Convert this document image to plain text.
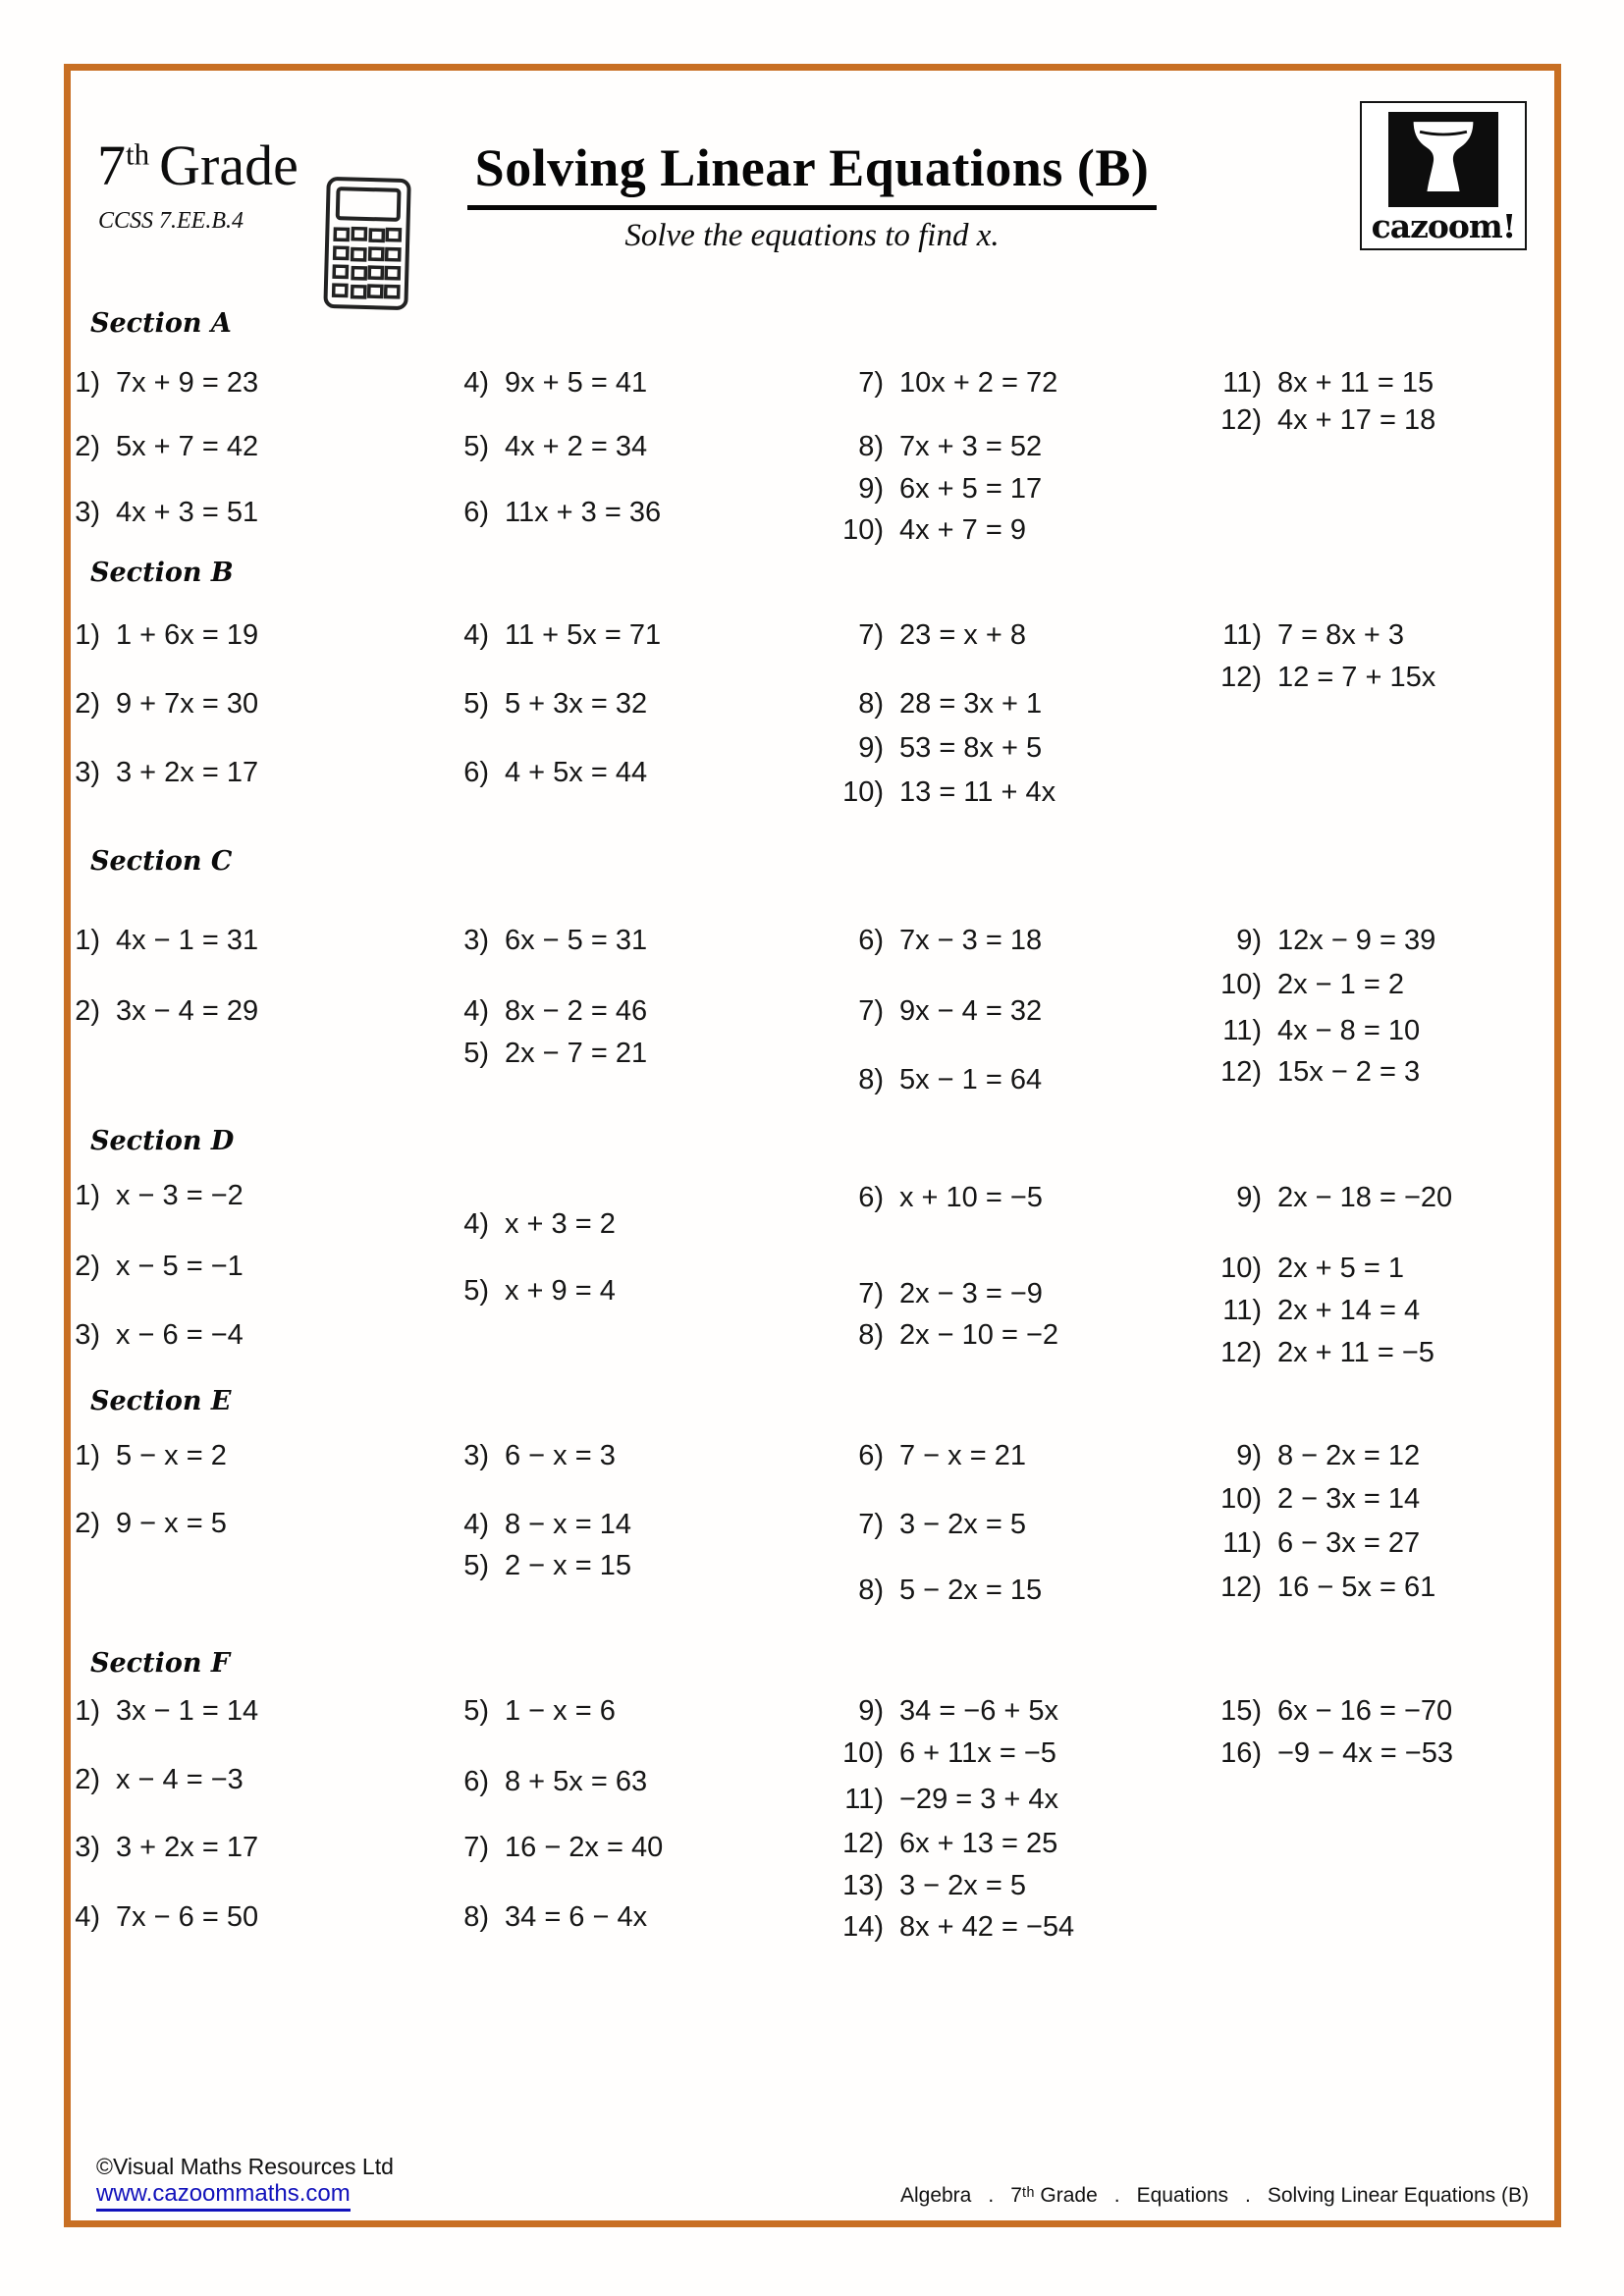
7th Grade
CCSS 7.EE.B.4
Solving Linear Equations (B)
Solve the equations to find x.	cazoom!
Section A
1) 7x + 9 = 23
2) 5x + 7 = 42
3) 4x + 3 = 51
4) 9x + 5 = 41
5) 4x + 2 = 34
6) 11x + 3 = 36
7) 10x + 2 = 72
8) 7x + 3 = 52
9) 6x + 5 = 17
10) 4x + 7 = 9
11) 8x + 11 = 15
12) 4x + 17 = 18
Section B
1) 1 + 6x = 19
2) 9 + 7x = 30
3) 3 + 2x = 17
4) 11 + 5x = 71
5) 5 + 3x = 32
6) 4 + 5x = 44
7) 23 = x + 8
8) 28 = 3x + 1
9) 53 = 8x + 5
10) 13 = 11 + 4x
11) 7 = 8x + 3
12) 12 = 7 + 15x
Section C
1) 4x − 1 = 31
2) 3x − 4 = 29
3) 6x − 5 = 31
4) 8x − 2 = 46
5) 2x − 7 = 21
6) 7x − 3 = 18
7) 9x − 4 = 32
8) 5x − 1 = 64
9) 12x − 9 = 39
10) 2x − 1 = 2
11) 4x − 8 = 10
12) 15x − 2 = 3
Section D
1) x − 3 = −2
2) x − 5 = −1
3) x − 6 = −4
4) x + 3 = 2
5) x + 9 = 4
6) x + 10 = −5
7) 2x − 3 = −9
8) 2x − 10 = −2
9) 2x − 18 = −20
10) 2x + 5 = 1
11) 2x + 14 = 4
12) 2x + 11 = −5
Section E
1) 5 − x = 2
2) 9 − x = 5
3) 6 − x = 3
4) 8 − x = 14
5) 2 − x = 15
6) 7 − x = 21
7) 3 − 2x = 5
8) 5 − 2x = 15
9) 8 − 2x = 12
10) 2 − 3x = 14
11) 6 − 3x = 27
12) 16 − 5x = 61
Section F
1) 3x − 1 = 14
2) x − 4 = −3
3) 3 + 2x = 17
4) 7x − 6 = 50
5) 1 − x = 6
6) 8 + 5x = 63
7) 16 − 2x = 40
8) 34 = 6 − 4x
9) 34 = −6 + 5x
10) 6 + 11x = −5
11) −29 = 3 + 4x
12) 6x + 13 = 25
13) 3 − 2x = 5
14) 8x + 42 = −54
15) 6x − 16 = −70
16) −9 − 4x = −53
©Visual Maths Resources Ltd
www.cazoommaths.com	Algebra . 7ᵗʰ Grade . Equations . Solving Linear Equations (B)
